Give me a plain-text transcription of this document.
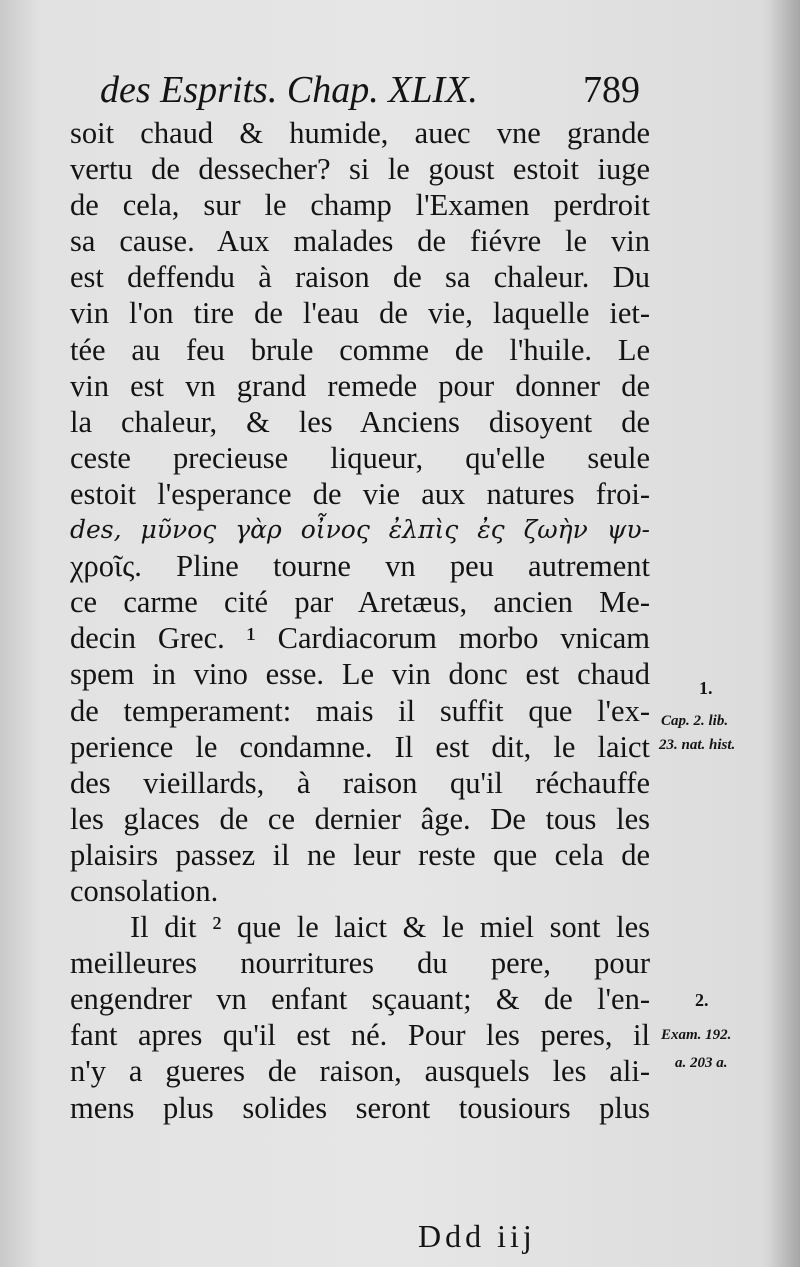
des Esprits. Chap. XLIX.	789
soit chaud & humide, auec vne grande
vertu de dessecher? si le goust estoit iuge
de cela, sur le champ l'Examen perdroit
sa cause. Aux malades de fiévre le vin
est deffendu à raison de sa chaleur. Du
vin l'on tire de l'eau de vie, laquelle iet-
tée au feu brule comme de l'huile. Le
vin est vn grand remede pour donner de
la chaleur, & les Anciens disoyent de
ceste precieuse liqueur, qu'elle seule
estoit l'esperance de vie aux natures froi-
des, μῦνος γὰρ οἶνος ἐλπὶς ἐς ζωὴν ψυ-
χροῖς. Pline tourne vn peu autrement
ce carme cité par Aretæus, ancien Me-
decin Grec. ¹ Cardiacorum morbo vnicam
spem in vino esse. Le vin donc est chaud
de temperament: mais il suffit que l'ex-
perience le condamne. Il est dit, le laict
des vieillards, à raison qu'il réchauffe
les glaces de ce dernier âge. De tous les
plaisirs passez il ne leur reste que cela de
consolation.
Il dit ² que le laict & le miel sont les
meilleures nourritures du pere, pour
engendrer vn enfant sçauant; & de l'en-
fant apres qu'il est né. Pour les peres, il
n'y a gueres de raison, ausquels les ali-
mens plus solides seront tousiours plus
1.
Cap. 2. lib.
23. nat. hist.
2.
Exam. 192.
a. 203 a.
Ddd iij
